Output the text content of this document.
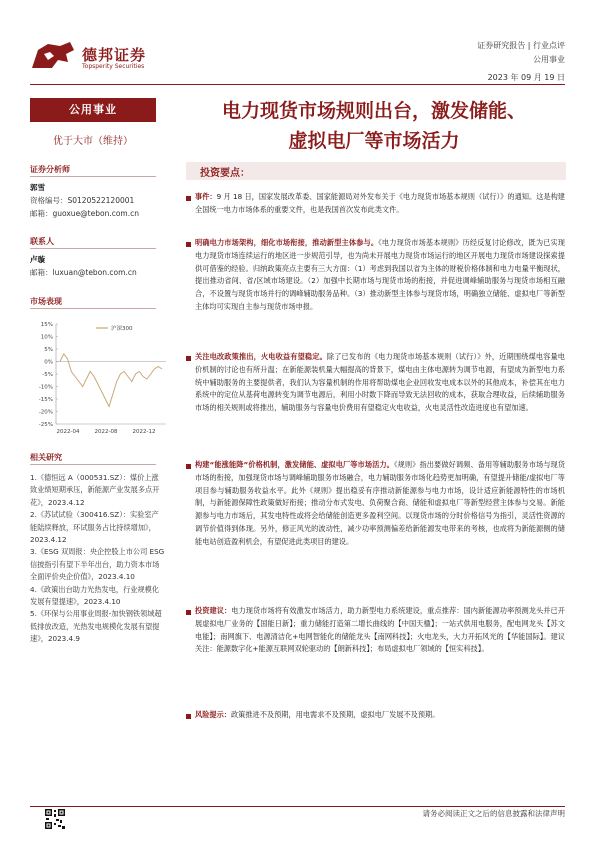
德邦证券
Topsperity Securities
证券研究报告 | 行业点评
公用事业
2023 年 09 月 19 日
公用事业
优于大市（维持）
证券分析师
郭雪
资格编号：S0120522120001
邮箱：guoxue@tebon.com.cn
联系人
卢璇
邮箱：luxuan@tebon.com.cn
市场表现
15%
10%
5%
0%
-5%
-10%
-15%
-20%
-25%
2022-04	2022-08	2022-12
沪深300
相关研究
1.《德恒远 A（000531.SZ）：煤价上涨致业绩短期承压，新能源产业发展多点开花》，2023.4.12
2.《苏试试验（300416.SZ）：实验室产能陆续释放，环试服务占比持续增加》，2023.4.12
3.《ESG 双周报：央企控股上市公司 ESG 信披指引有望下半年出台，助力资本市场全面评价央企价值》，2023.4.10
4.《政策出台助力光热发电，行业规模化发展有望提速》，2023.4.10
5.《环保与公用事业周报-加快钢铁领域超低排放改造，光热发电规模化发展有望提速》，2023.4.9
电力现货市场规则出台，激发储能、
虚拟电厂等市场活力
投资要点：
事件：9 月 18 日，国家发展改革委、国家能源局对外发布关于《电力现货市场基本规则（试行）》的通知。这是构建全国统一电力市场体系的重要文件，也是我国首次发布此类文件。
明确电力市场架构，细化市场衔接，推动新型主体参与。《电力现货市场基本规则》历经反复讨论修改，既为已实现电力现货市场连续运行的地区进一步规范引导，也为尚未开展电力现货市场运行的地区开展电力现货市场建设探索提供可借鉴的经验。归纳政策亮点主要有三大方面：（1）考虑到我国以省为主体的财税价格体制和电力电量平衡现状，提出推动省间、省/区域市场建设。（2）加强中长期市场与现货市场的衔接，并促进调峰辅助服务与现货市场相互融合，不设置与现货市场并行的调峰辅助服务品种。（3）推动新型主体参与现货市场，明确独立储能、虚拟电厂等新型主体均可实现自主参与现货市场申报。
关注电改政策推出，火电收益有望稳定。除了已发布的《电力现货市场基本规则（试行）》外，近期围绕煤电容量电价机制的讨论也有所升温；在新能源装机量大幅提高的背景下，煤电由主体电源转为调节电源，有望成为新型电力系统中辅助服务的主要提供者，我们认为容量机制的作用将帮助煤电企业回收发电成本以外的其他成本，补偿其在电力系统中的定位从基荷电源转变为调节电源后，利用小时数下降而导致无法回收的成本，获取合理收益，后续辅助服务市场的相关规则或将推出，辅助服务与容量电价费用有望稳定火电收益，火电灵活性改造进度也有望加速。
构建“能涨能降”价格机制，激发储能、虚拟电厂等市场活力。《规则》指出要做好调频、备用等辅助服务市场与现货市场的衔接，加强现货市场与调峰辅助服务市场融合，电力辅助服务市场化趋势更加明确，有望提升储能/虚拟电厂等项目参与辅助服务收益水平。此外《规则》提出稳妥有序推动新能源参与电力市场，设计适应新能源特性的市场机制，与新能源保障性政策做好衔接；推动分布式发电、负荷聚合商、储能和虚拟电厂等新型经营主体参与交易。新能源参与电力市场后，其发电特性或将会给储能创造更多盈利空间。以现货市场的分时价格信号为指引，灵活性资源的调节价值得到体现。另外，修正风光的波动性，减少功率预测偏差给新能源发电带来的考核，也成将为新能源侧的储能电站创造盈利机会，有望促进此类项目的建设。
投资建议：电力现货市场将有效激发市场活力，助力新型电力系统建设，重点推荐：国内新能源功率预测龙头并已开展虚拟电厂业务的【国能日新】；重力储能打造第二增长曲线的【中国天楹】；一站式供用电服务，配电网龙头【苏文电能】；南网旗下、电源清洁化+电网智能化的储能龙头【南网科技】；火电龙头，大力开拓风光的【华能国际】。建议关注：能源数字化+能源互联网双轮驱动的【朗新科技】；布局虚拟电厂领域的【恒实科技】。
风险提示：政策推进不及预期，用电需求不及预期，虚拟电厂发展不及预期。
请务必阅读正文之后的信息披露和法律声明
